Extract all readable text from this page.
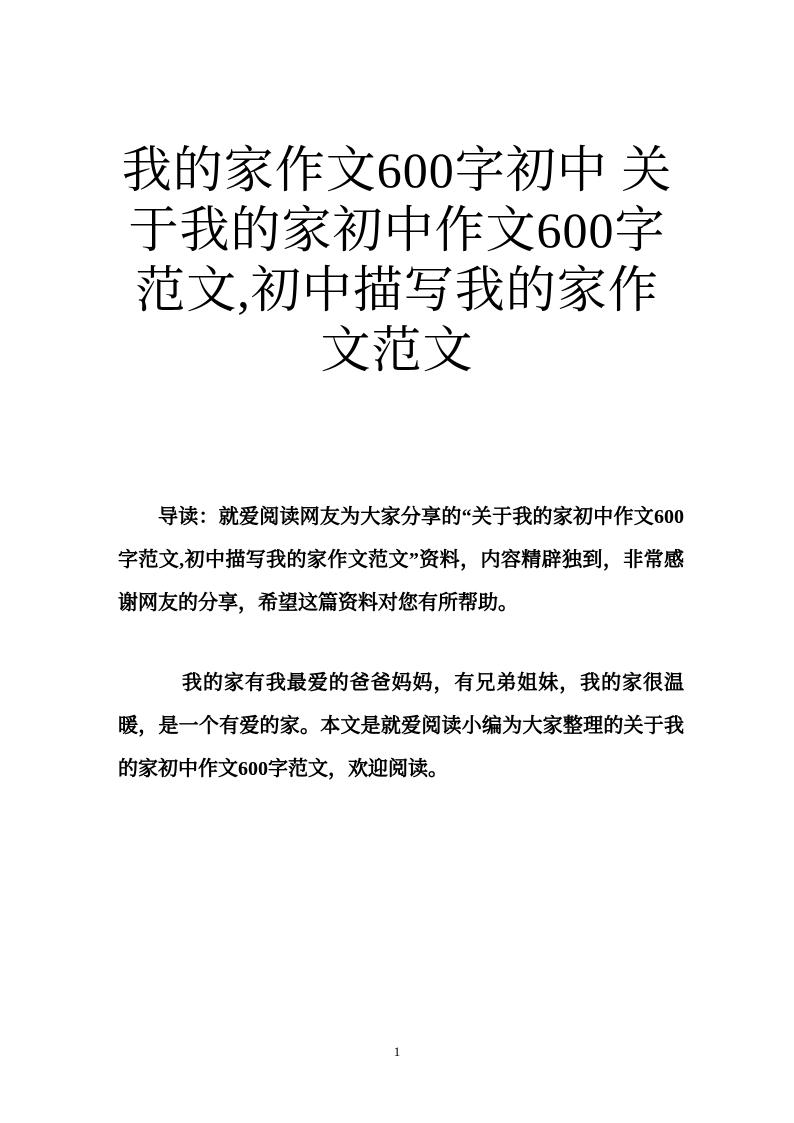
我的家作文600字初中 关于我的家初中作文600字范文,初中描写我的家作文范文

导读：就爱阅读网友为大家分享的“关于我的家初中作文600字范文,初中描写我的家作文范文”资料，内容精辟独到，非常感谢网友的分享，希望这篇资料对您有所帮助。

我的家有我最爱的爸爸妈妈，有兄弟姐妹，我的家很温暖，是一个有爱的家。本文是就爱阅读小编为大家整理的关于我的家初中作文600字范文，欢迎阅读。

1
